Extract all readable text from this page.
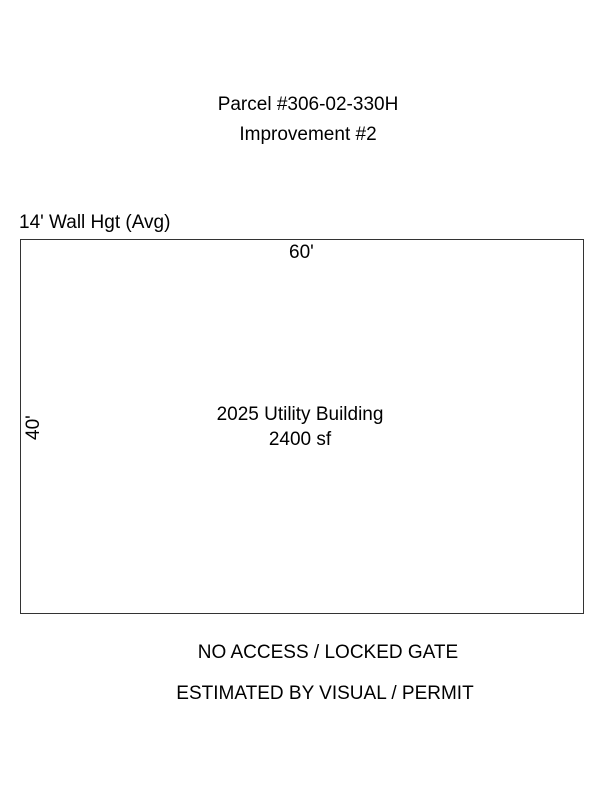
Parcel #306-02-330H
Improvement #2
14' Wall Hgt (Avg)
60'
40'
2025 Utility Building
2400 sf
NO ACCESS / LOCKED GATE
ESTIMATED BY VISUAL / PERMIT
